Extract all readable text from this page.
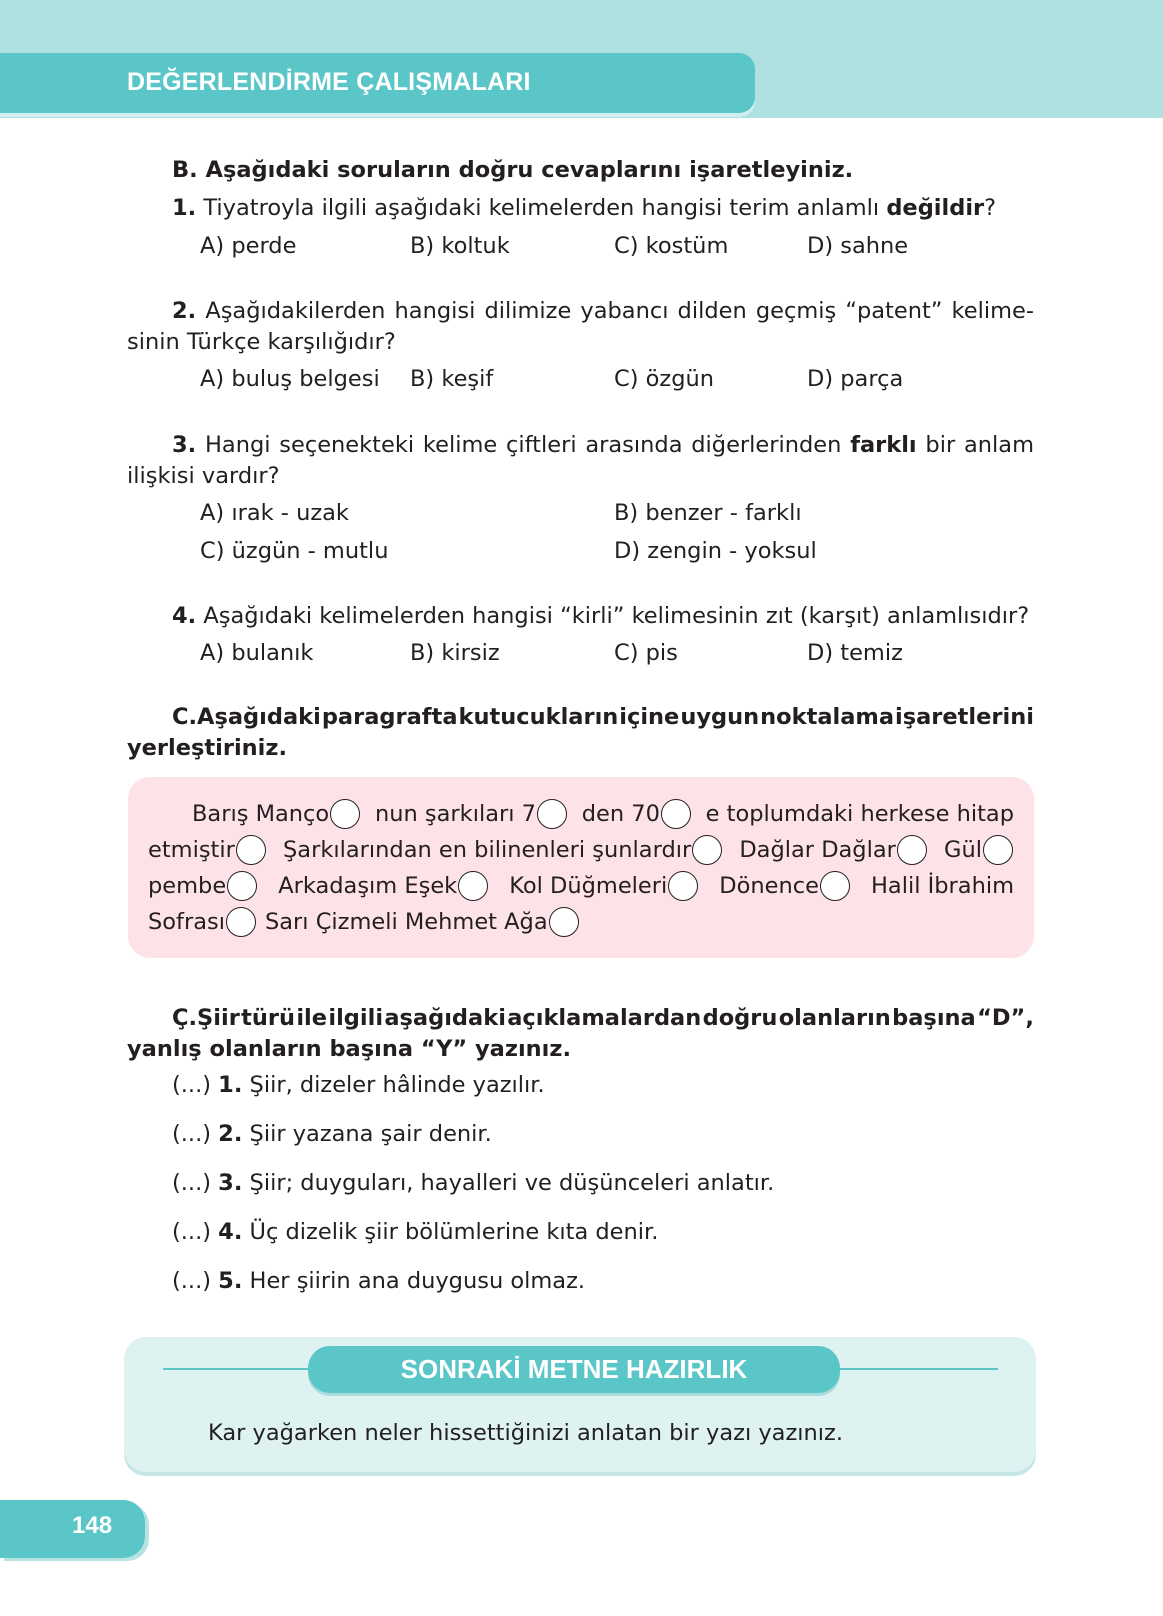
DEĞERLENDİRME ÇALIŞMALARI
B. Aşağıdaki soruların doğru cevaplarını işaretleyiniz.
1. Tiyatroyla ilgili aşağıdaki kelimelerden hangisi terim anlamlı değildir?
A) perde	B) koltuk	C) kostüm	D) sahne
2. Aşağıdakilerden hangisi dilimize yabancı dilden geçmiş “patent” kelime-
sinin Türkçe karşılığıdır?
A) buluş belgesi B) keşif	C) özgün	D) parça
3. Hangi seçenekteki kelime çiftleri arasında diğerlerinden farklı bir anlam
ilişkisi vardır?
A) ırak - uzak	B) benzer - farklı
C) üzgün - mutlu	D) zengin - yoksul
4. Aşağıdaki kelimelerden hangisi “kirli” kelimesinin zıt (karşıt) anlamlısıdır?
A) bulanık	B) kirsiz	C) pis	D) temiz
C.Aşağıdaki paragrafta kutucukların içine uygun noktalama işaretlerini
yerleştiriniz.
Barış Manço nun şarkıları 7 den 70 e toplumdaki herkese hitap
etmiştir Şarkılarından en bilinenleri şunlardır Dağlar Dağlar Gül
pembe Arkadaşım Eşek Kol Düğmeleri Dönence Halil İbrahim
Sofrası Sarı Çizmeli Mehmet Ağa
Ç.Şiir türü ile ilgili aşağıdaki açıklamalardan doğru olanların başına “D”,
yanlış olanların başına “Y” yazınız.
(...) 1. Şiir, dizeler hâlinde yazılır.
(...) 2. Şiir yazana şair denir.
(...) 3. Şiir; duyguları, hayalleri ve düşünceleri anlatır.
(...) 4. Üç dizelik şiir bölümlerine kıta denir.
(...) 5. Her şiirin ana duygusu olmaz.
SONRAKİ METNE HAZIRLIK
Kar yağarken neler hissettiğinizi anlatan bir yazı yazınız.
148
